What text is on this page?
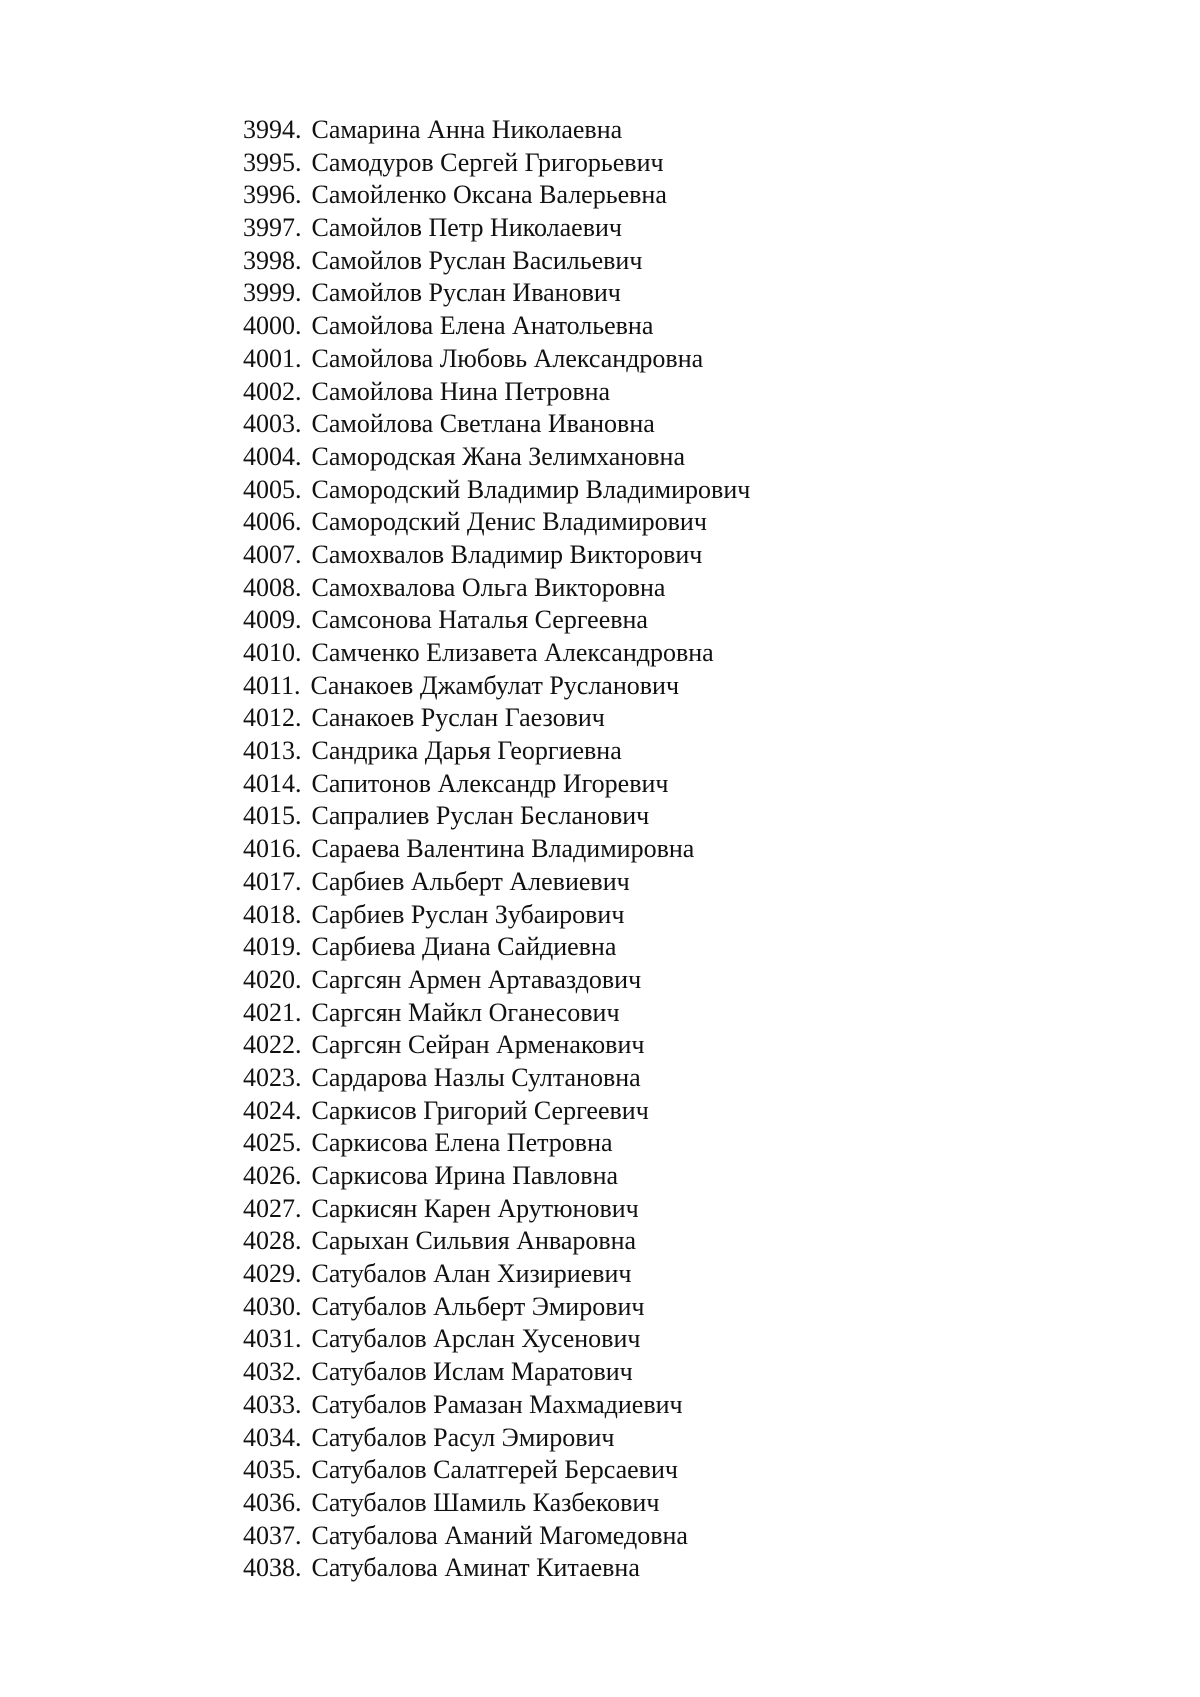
3994. Самарина Анна Николаевна
3995. Самодуров Сергей Григорьевич
3996. Самойленко Оксана Валерьевна
3997. Самойлов Петр Николаевич
3998. Самойлов Руслан Васильевич
3999. Самойлов Руслан Иванович
4000. Самойлова Елена Анатольевна
4001. Самойлова Любовь Александровна
4002. Самойлова Нина Петровна
4003. Самойлова Светлана Ивановна
4004. Самородская Жана Зелимхановна
4005. Самородский Владимир Владимирович
4006. Самородский Денис Владимирович
4007. Самохвалов Владимир Викторович
4008. Самохвалова Ольга Викторовна
4009. Самсонова Наталья Сергеевна
4010. Самченко Елизавета Александровна
4011. Санакоев Джамбулат Русланович
4012. Санакоев Руслан Гаезович
4013. Сандрика Дарья Георгиевна
4014. Сапитонов Александр Игоревич
4015. Сапралиев Руслан Бесланович
4016. Сараева Валентина Владимировна
4017. Сарбиев Альберт Алевиевич
4018. Сарбиев Руслан Зубаирович
4019. Сарбиева Диана Сайдиевна
4020. Саргсян Армен Артаваздович
4021. Саргсян Майкл Оганесович
4022. Саргсян Сейран Арменакович
4023. Сардарова Назлы Султановна
4024. Саркисов Григорий Сергеевич
4025. Саркисова Елена Петровна
4026. Саркисова Ирина Павловна
4027. Саркисян Карен Арутюнович
4028. Сарыхан Сильвия Анваровна
4029. Сатубалов Алан Хизириевич
4030. Сатубалов Альберт Эмирович
4031. Сатубалов Арслан Хусенович
4032. Сатубалов Ислам Маратович
4033. Сатубалов Рамазан Махмадиевич
4034. Сатубалов Расул Эмирович
4035. Сатубалов Салатгерей Берсаевич
4036. Сатубалов Шамиль Казбекович
4037. Сатубалова Аманий Магомедовна
4038. Сатубалова Аминат Китаевна
